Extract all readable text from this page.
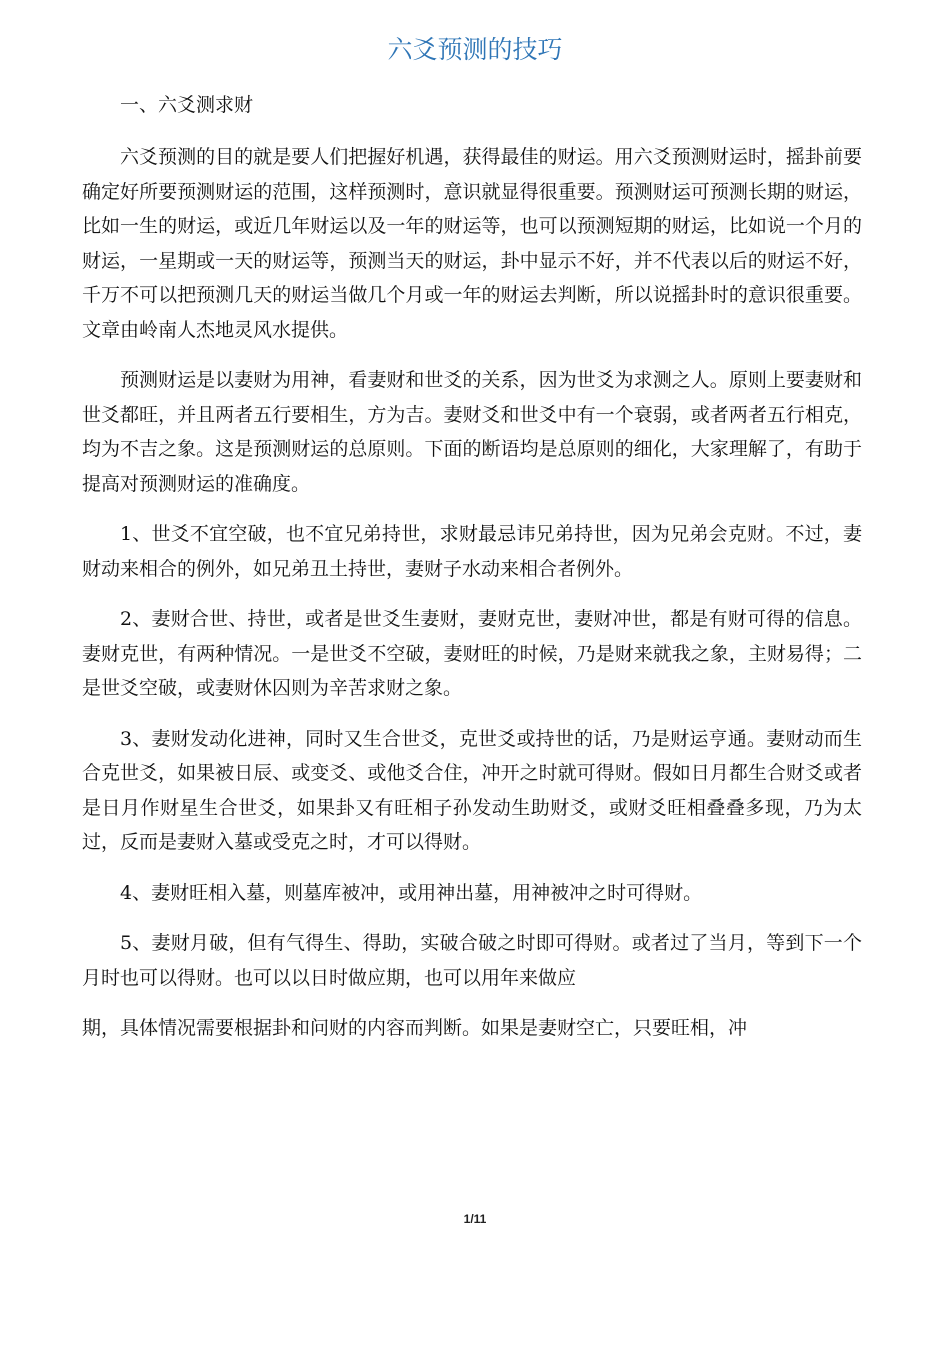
六爻预测的技巧

一、六爻测求财

六爻预测的目的就是要人们把握好机遇，获得最佳的财运。用六爻预测财运时，摇卦前要确定好所要预测财运的范围，这样预测时，意识就显得很重要。预测财运可预测长期的财运，比如一生的财运，或近几年财运以及一年的财运等，也可以预测短期的财运，比如说一个月的财运，一星期或一天的财运等，预测当天的财运，卦中显示不好，并不代表以后的财运不好，千万不可以把预测几天的财运当做几个月或一年的财运去判断，所以说摇卦时的意识很重要。文章由岭南人杰地灵风水提供。

预测财运是以妻财为用神，看妻财和世爻的关系，因为世爻为求测之人。原则上要妻财和世爻都旺，并且两者五行要相生，方为吉。妻财爻和世爻中有一个衰弱，或者两者五行相克，均为不吉之象。这是预测财运的总原则。下面的断语均是总原则的细化，大家理解了，有助于提高对预测财运的准确度。

1、世爻不宜空破，也不宜兄弟持世，求财最忌讳兄弟持世，因为兄弟会克财。不过，妻财动来相合的例外，如兄弟丑土持世，妻财子水动来相合者例外。

2、妻财合世、持世，或者是世爻生妻财，妻财克世，妻财冲世，都是有财可得的信息。妻财克世，有两种情况。一是世爻不空破，妻财旺的时候，乃是财来就我之象，主财易得；二是世爻空破，或妻财休囚则为辛苦求财之象。

3、妻财发动化进神，同时又生合世爻，克世爻或持世的话，乃是财运亨通。妻财动而生合克世爻，如果被日辰、或变爻、或他爻合住，冲开之时就可得财。假如日月都生合财爻或者是日月作财星生合世爻，如果卦又有旺相子孙发动生助财爻，或财爻旺相叠叠多现，乃为太过，反而是妻财入墓或受克之时，才可以得财。

4、妻财旺相入墓，则墓库被冲，或用神出墓，用神被冲之时可得财。

5、妻财月破，但有气得生、得助，实破合破之时即可得财。或者过了当月，等到下一个月时也可以得财。也可以以日时做应期，也可以用年来做应

期，具体情况需要根据卦和问财的内容而判断。如果是妻财空亡，只要旺相，冲

1/11
